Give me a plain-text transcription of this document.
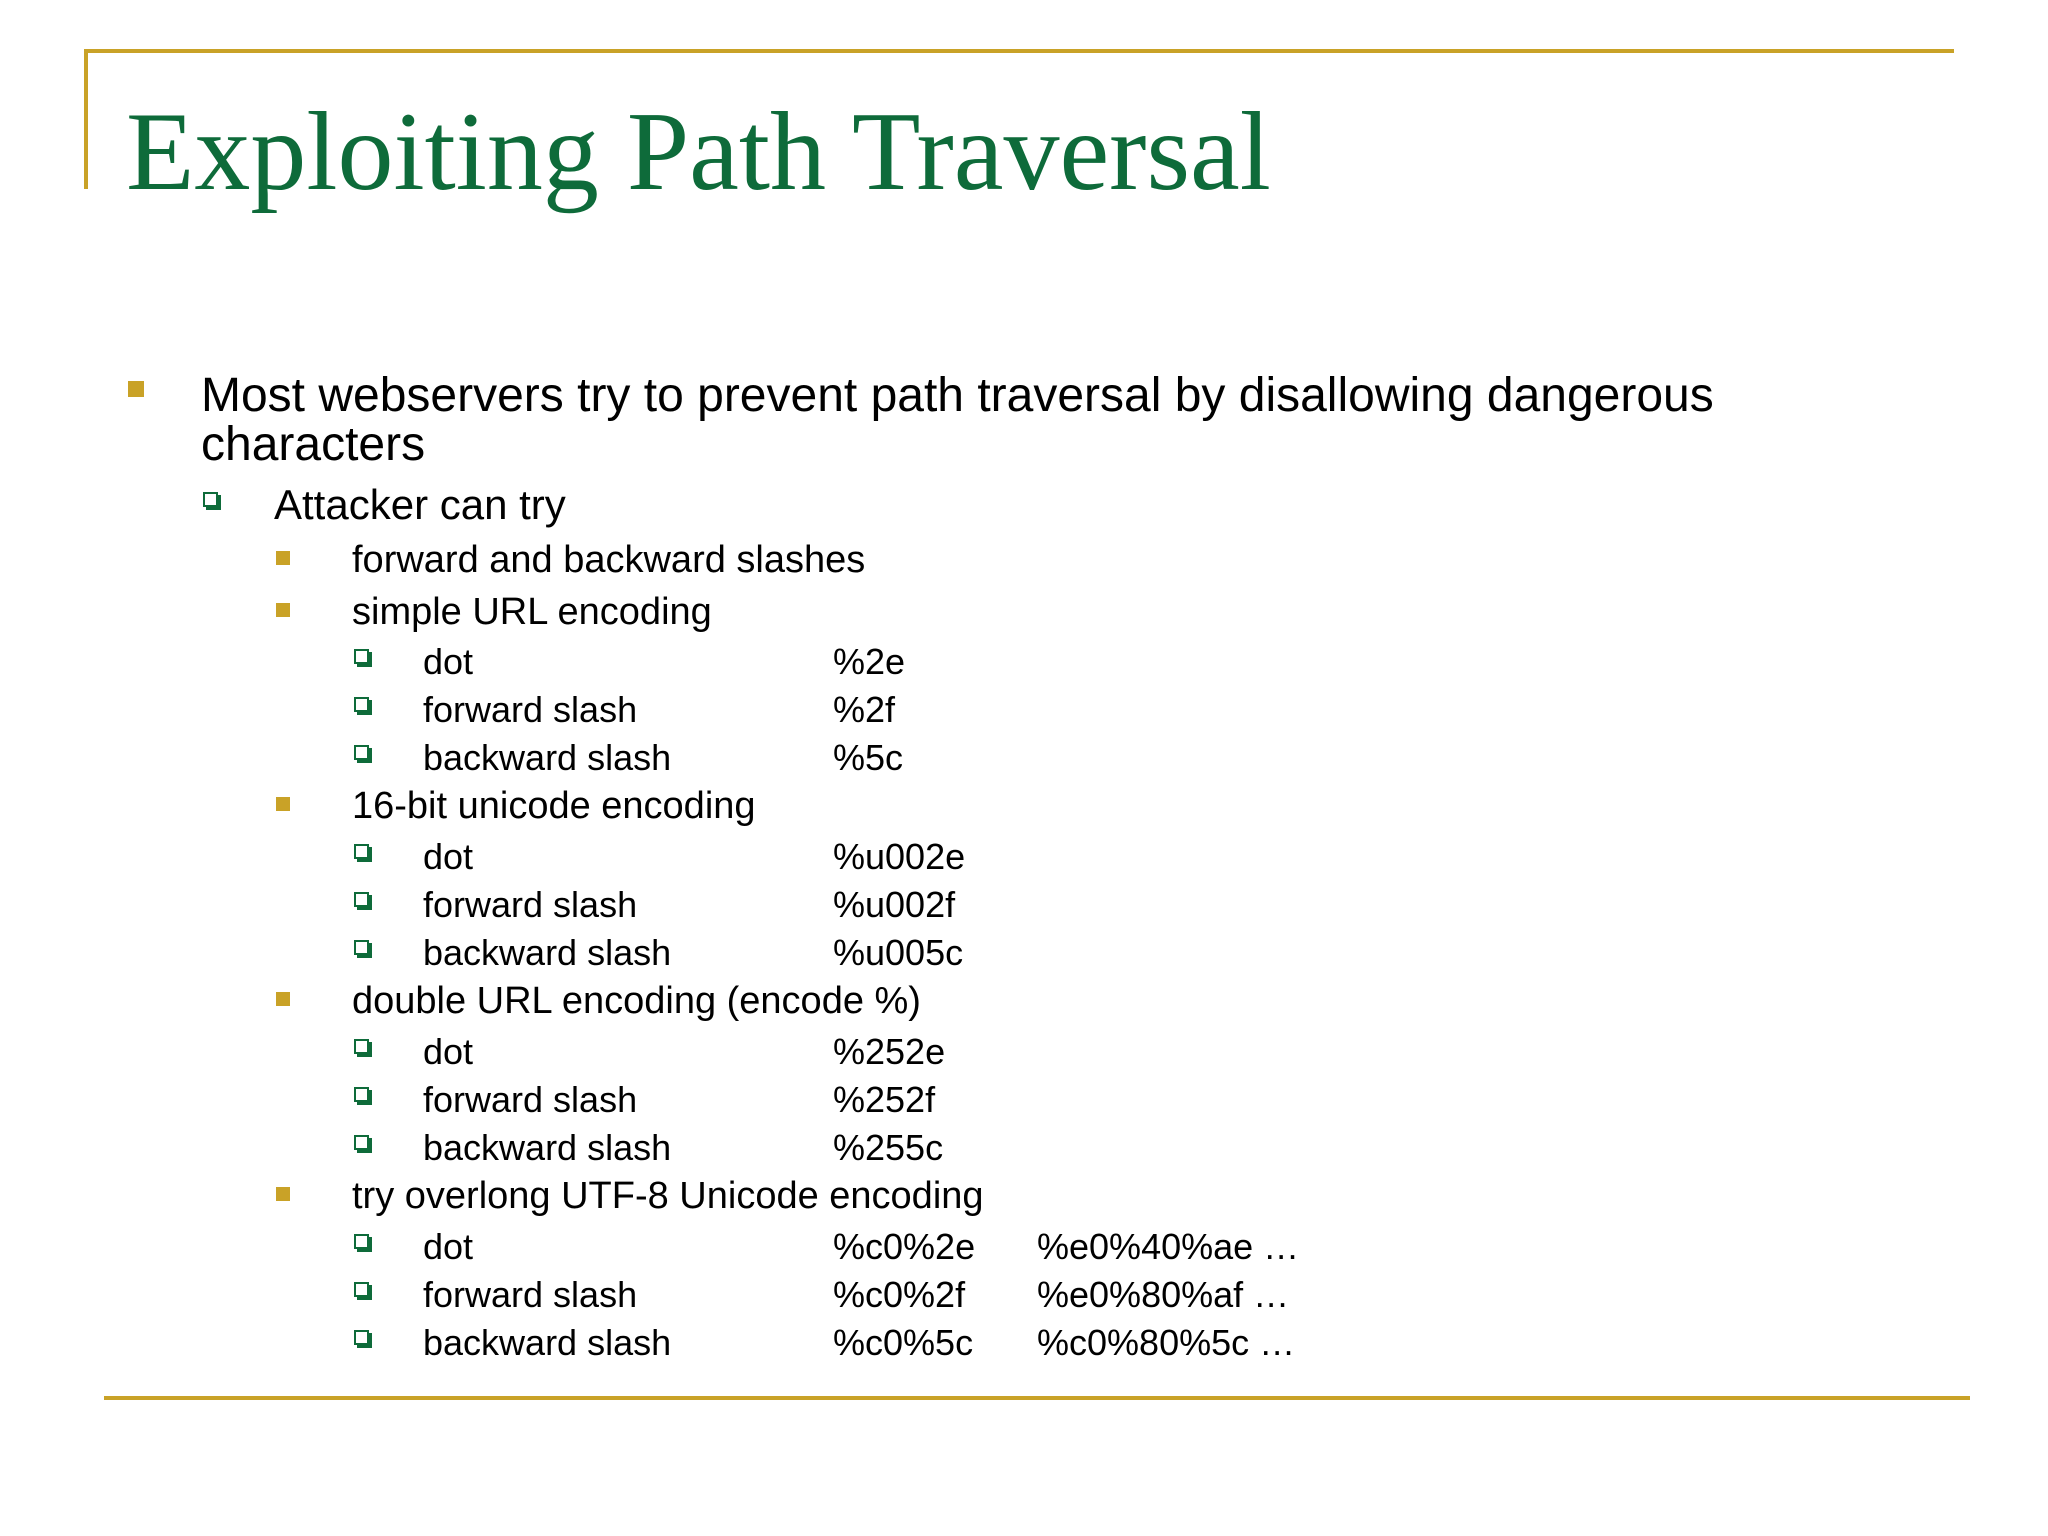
Exploiting Path Traversal
Most webservers try to prevent path traversal by disallowing dangerous
characters
Attacker can try
forward and backward slashes
simple URL encoding
dot	%2e
forward slash	%2f
backward slash	%5c
16-bit unicode encoding
dot	%u002e
forward slash	%u002f
backward slash	%u005c
double URL encoding (encode %)
dot	%252e
forward slash	%252f
backward slash	%255c
try overlong UTF-8 Unicode encoding
dot	%c0%2e %e0%40%ae …
forward slash	%c0%2f %e0%80%af …
backward slash	%c0%5c %c0%80%5c …
